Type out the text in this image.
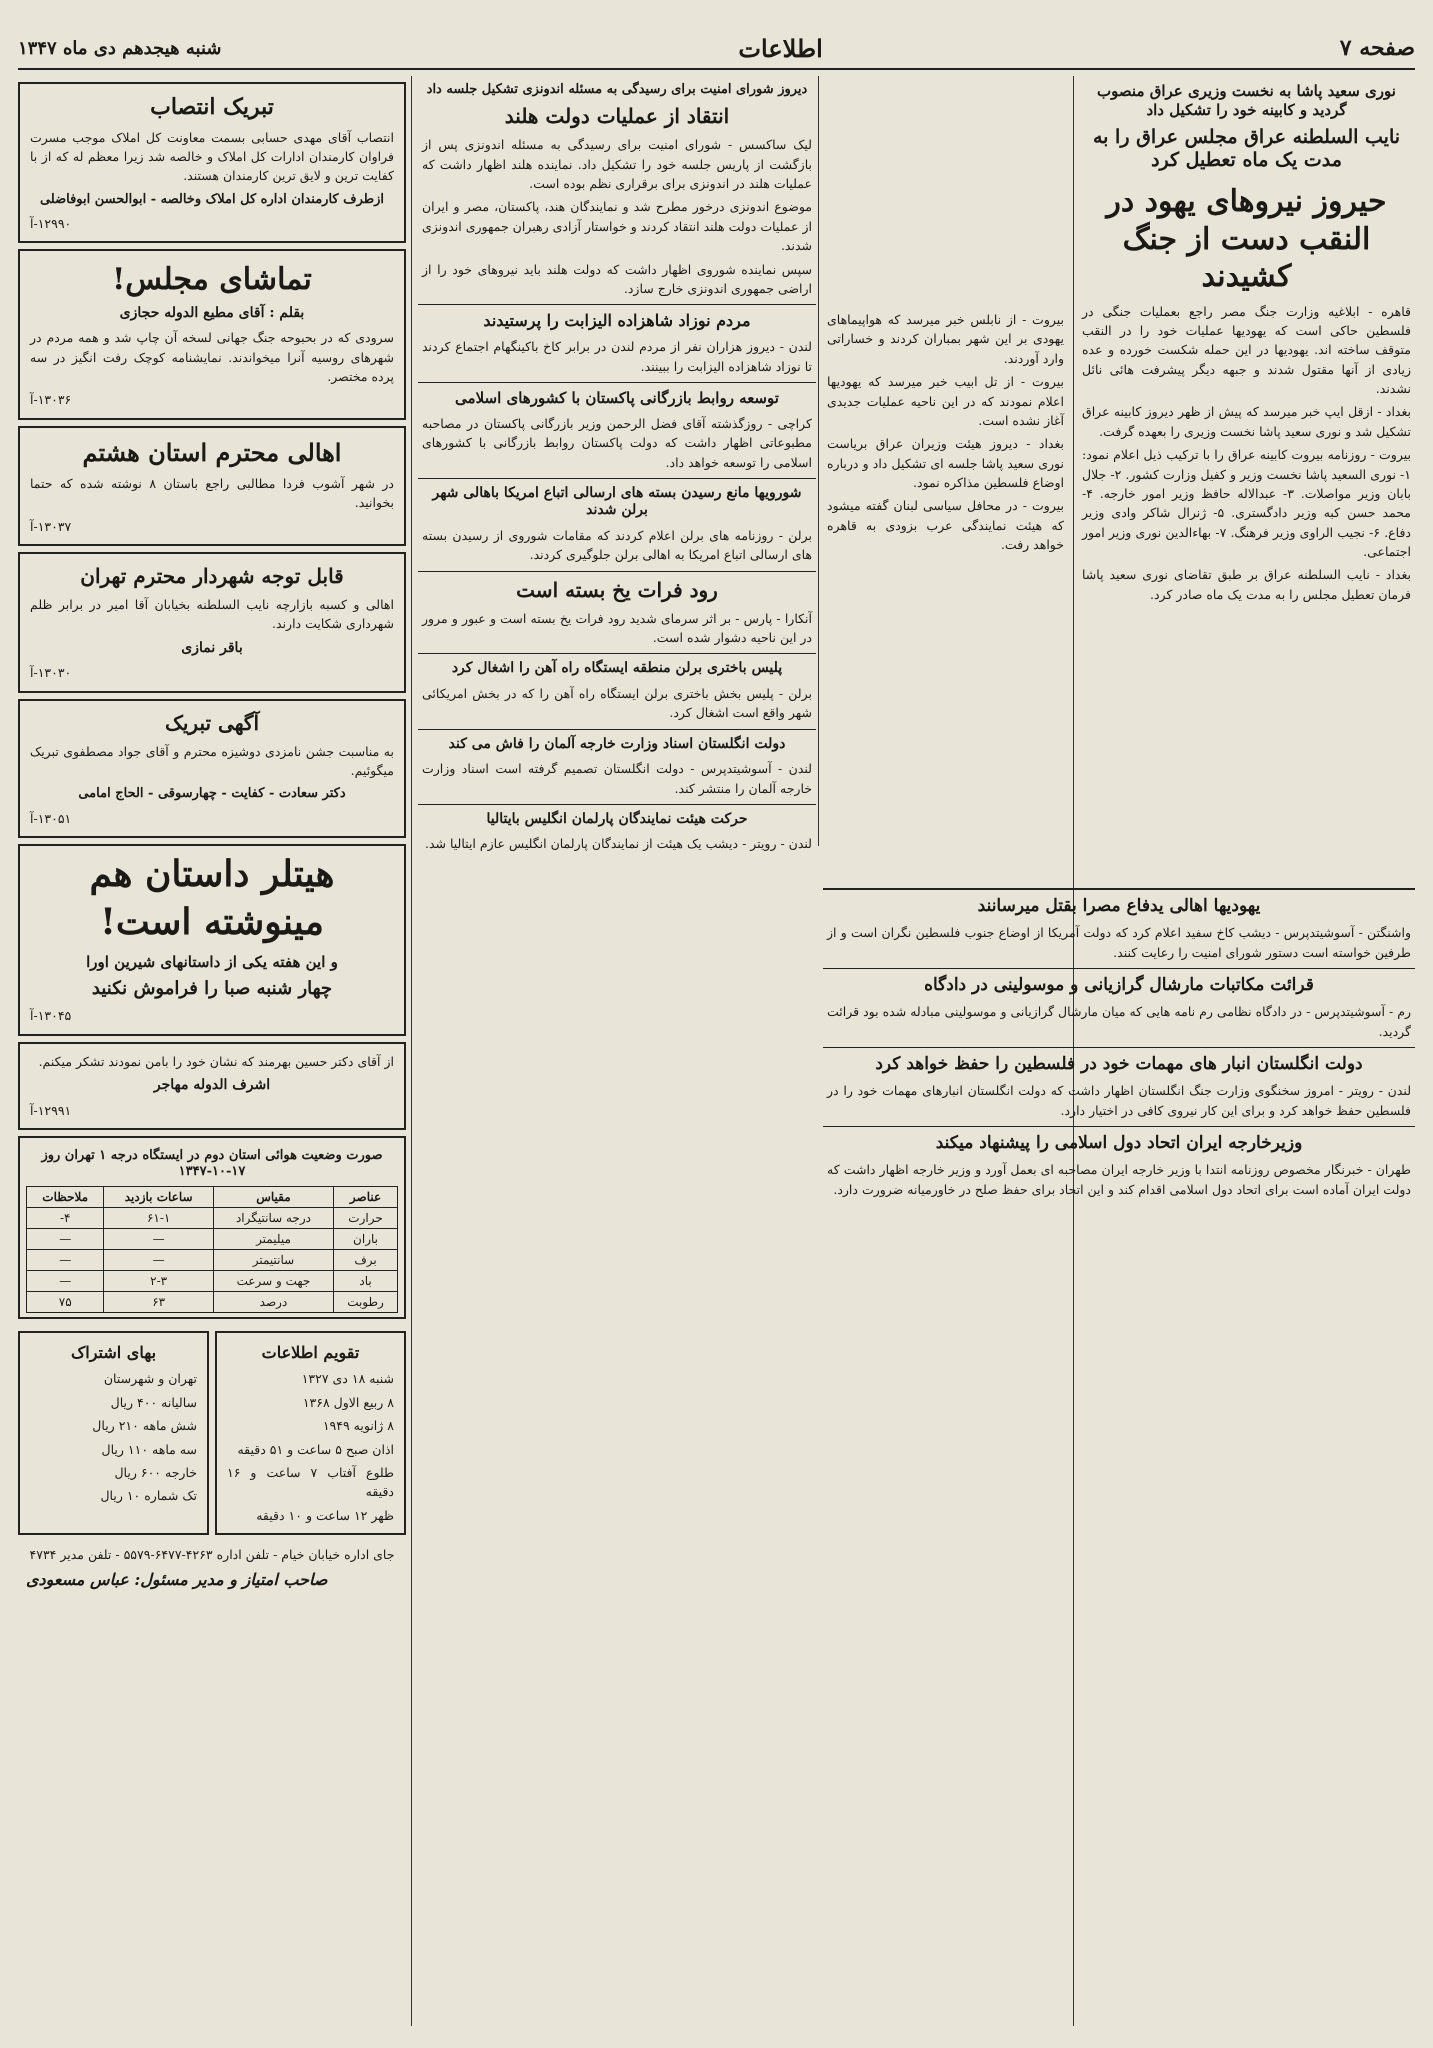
صفحه ۷
اطلاعات
شنبه هیجدهم دی ماه ۱۳۴۷
نوری سعید پاشا به نخست وزیری عراق منصوب گردید و کابینه خود را تشکیل داد
نایب السلطنه عراق مجلس عراق را به مدت یک ماه تعطیل کرد
حیروز نیروهای یهود در النقب دست از جنگ کشیدند
قاهره - ابلاغیه وزارت جنگ مصر راجع بعملیات جنگی در فلسطین حاکی است که یهودیها عملیات خود را در النقب متوقف ساخته اند. یهودیها در این حمله شکست خورده و عده زیادی از آنها مقتول شدند و جبهه دیگر پیشرفت هائی نائل نشدند.
بغداد - ازقل ایپ خبر میرسد که پیش از ظهر دیروز کابینه عراق تشکیل شد و نوری سعید پاشا نخست وزیری را بعهده گرفت.
بیروت - روزنامه بیروت کابینه عراق را با ترکیب ذیل اعلام نمود: ۱- نوری السعید پاشا نخست وزیر و کفیل وزارت کشور. ۲- جلال بابان وزیر مواصلات. ۳- عبدالاله حافظ وزیر امور خارجه. ۴- محمد حسن کبه وزیر دادگستری. ۵- ژنرال شاکر وادی وزیر دفاع. ۶- نجیب الراوی وزیر فرهنگ. ۷- بهاءالدین نوری وزیر امور اجتماعی.
بغداد - نایب السلطنه عراق بر طبق تقاضای نوری سعید پاشا فرمان تعطیل مجلس را به مدت یک ماه صادر کرد.
بیروت - از نابلس خبر میرسد که هواپیماهای یهودی بر این شهر بمباران کردند و خساراتی وارد آوردند.
بیروت - از تل ابیب خبر میرسد که یهودیها اعلام نمودند که در این ناحیه عملیات جدیدی آغاز نشده است.
بغداد - دیروز هیئت وزیران عراق بریاست نوری سعید پاشا جلسه ای تشکیل داد و درباره اوضاع فلسطین مذاکره نمود.
بیروت - در محافل سیاسی لبنان گفته میشود که هیئت نمایندگی عرب بزودی به قاهره خواهد رفت.
یهودیها اهالی یدفاع مصرا بقتل میرسانند
واشنگتن - آسوشیتدپرس - دیشب کاخ سفید اعلام کرد که دولت آمریکا از اوضاع جنوب فلسطین نگران است و از طرفین خواسته است دستور شورای امنیت را رعایت کنند.
قرائت مکاتبات مارشال گرازیانی و موسولینی در دادگاه
رم - آسوشیتدپرس - در دادگاه نظامی رم نامه هایی که میان مارشال گرازیانی و موسولینی مبادله شده بود قرائت گردید.
دولت انگلستان انبار های مهمات خود در فلسطین را حفظ خواهد کرد
لندن - رویتر - امروز سخنگوی وزارت جنگ انگلستان اظهار داشت که دولت انگلستان انبارهای مهمات خود را در فلسطین حفظ خواهد کرد و برای این کار نیروی کافی در اختیار دارد.
وزیرخارجه ایران اتحاد دول اسلامی را پیشنهاد میکند
طهران - خبرنگار مخصوص روزنامه انتدا با وزیر خارجه ایران مصاحبه ای بعمل آورد و وزیر خارجه اظهار داشت که دولت ایران آماده است برای اتحاد دول اسلامی اقدام کند و این اتحاد برای حفظ صلح در خاورمیانه ضرورت دارد.
دیروز شورای امنیت برای رسیدگی به مسئله اندونزی تشکیل جلسه داد
انتقاد از عملیات دولت هلند
لیک ساکسس - شورای امنیت برای رسیدگی به مسئله اندونزی پس از بازگشت از پاریس جلسه خود را تشکیل داد. نماینده هلند اظهار داشت که عملیات هلند در اندونزی برای برقراری نظم بوده است.
موضوع اندونزی درخور مطرح شد و نمایندگان هند، پاکستان، مصر و ایران از عملیات دولت هلند انتقاد کردند و خواستار آزادی رهبران جمهوری اندونزی شدند.
سپس نماینده شوروی اظهار داشت که دولت هلند باید نیروهای خود را از اراضی جمهوری اندونزی خارج سازد.
مردم نوزاد شاهزاده الیزابت را پرستیدند
لندن - دیروز هزاران نفر از مردم لندن در برابر کاخ باکینگهام اجتماع کردند تا نوزاد شاهزاده الیزابت را ببینند.
توسعه روابط بازرگانی پاکستان با کشورهای اسلامی
کراچی - روزگذشته آقای فضل الرحمن وزیر بازرگانی پاکستان در مصاحبه مطبوعاتی اظهار داشت که دولت پاکستان روابط بازرگانی با کشورهای اسلامی را توسعه خواهد داد.
شورویها مانع رسیدن بسته های ارسالی اتباع امریکا باهالی شهر برلن شدند
برلن - روزنامه های برلن اعلام کردند که مقامات شوروی از رسیدن بسته های ارسالی اتباع امریکا به اهالی برلن جلوگیری کردند.
رود فرات یخ بسته است
آنکارا - پارس - بر اثر سرمای شدید رود فرات یخ بسته است و عبور و مرور در این ناحیه دشوار شده است.
پلیس باختری برلن منطقه ایستگاه راه آهن را اشغال کرد
برلن - پلیس بخش باختری برلن ایستگاه راه آهن را که در بخش امریکائی شهر واقع است اشغال کرد.
دولت انگلستان اسناد وزارت خارجه آلمان را فاش می کند
لندن - آسوشیتدپرس - دولت انگلستان تصمیم گرفته است اسناد وزارت خارجه آلمان را منتشر کند.
حرکت هیئت نمایندگان پارلمان انگلیس بایتالیا
لندن - رویتر - دیشب یک هیئت از نمایندگان پارلمان انگلیس عازم ایتالیا شد.
تبریک انتصاب
انتصاب آقای مهدی حسابی بسمت معاونت کل املاک موجب مسرت فراوان کارمندان ادارات کل املاک و خالصه شد زیرا معظم له که از با کفایت ترین و لایق ترین کارمندان هستند.
ازطرف کارمندان اداره کل املاک وخالصه - ابوالحسن ابوفاضلی
۱۲۹۹۰-آ
تماشای مجلس!
بقلم : آقای مطیع الدوله حجازی
سرودی که در بحبوحه جنگ جهانی لسخه آن چاپ شد و همه مردم در شهرهای روسیه آنرا میخواندند. نمایشنامه کوچک رفت انگیز در سه پرده مختصر.
۱۳۰۳۶-آ
اهالی محترم استان هشتم
در شهر آشوب فردا مطالبی راجع باستان ۸ نوشته شده که حتما بخوانید.
۱۳۰۳۷-آ
قابل توجه شهردار محترم تهران
اهالی و کسبه بازارچه نایب السلطنه بخیابان آقا امیر در برابر ظلم شهرداری شکایت دارند.
باقر نمازی
۱۳۰۳۰-آ
آگهی تبریک
به مناسبت جشن نامزدی دوشیزه محترم و آقای جواد مصطفوی تبریک میگوئیم.
دکتر سعادت - کفایت - چهارسوقی - الحاج امامی
۱۳۰۵۱-آ
هیتلر داستان هم مینوشته است!
و این هفته یکی از داستانهای شیرین اورا
چهار شنبه صبا را فراموش نکنید
۱۳۰۴۵-آ
از آقای دکتر حسین بهرمند که نشان خود را بامن نمودند تشکر میکنم.
اشرف الدوله مهاجر
۱۲۹۹۱-آ
صورت وضعیت هوائی استان دوم در ایستگاه درجه ۱ تهران روز ۱۷-۱۰-۱۳۴۷
عناصر	مقیاس	ساعات بازدید	ملاحظات
حرارت	درجه سانتیگراد	۶۱-۱	۴-
باران	میلیمتر	—	—
برف	سانتیمتر	—	—
باد	جهت و سرعت	۲-۳	—
رطوبت	درصد	۶۳	۷۵
تقویم اطلاعات
شنبه ۱۸ دی ۱۳۲۷
۸ ربیع الاول ۱۳۶۸
۸ ژانویه ۱۹۴۹
اذان صبح ۵ ساعت و ۵۱ دقیقه
طلوع آفتاب ۷ ساعت و ۱۶ دقیقه
ظهر ۱۲ ساعت و ۱۰ دقیقه
بهای اشتراک
تهران و شهرستان
سالیانه ۴۰۰ ریال
شش ماهه ۲۱۰ ریال
سه ماهه ۱۱۰ ریال
خارجه ۶۰۰ ریال
تک شماره ۱۰ ریال
جای اداره خیابان خیام - تلفن اداره ۴۲۶۳-۶۴۷۷-۵۵۷۹ - تلفن مدیر ۴۷۳۴
صاحب امتیاز و مدیر مسئول: عباس مسعودی
